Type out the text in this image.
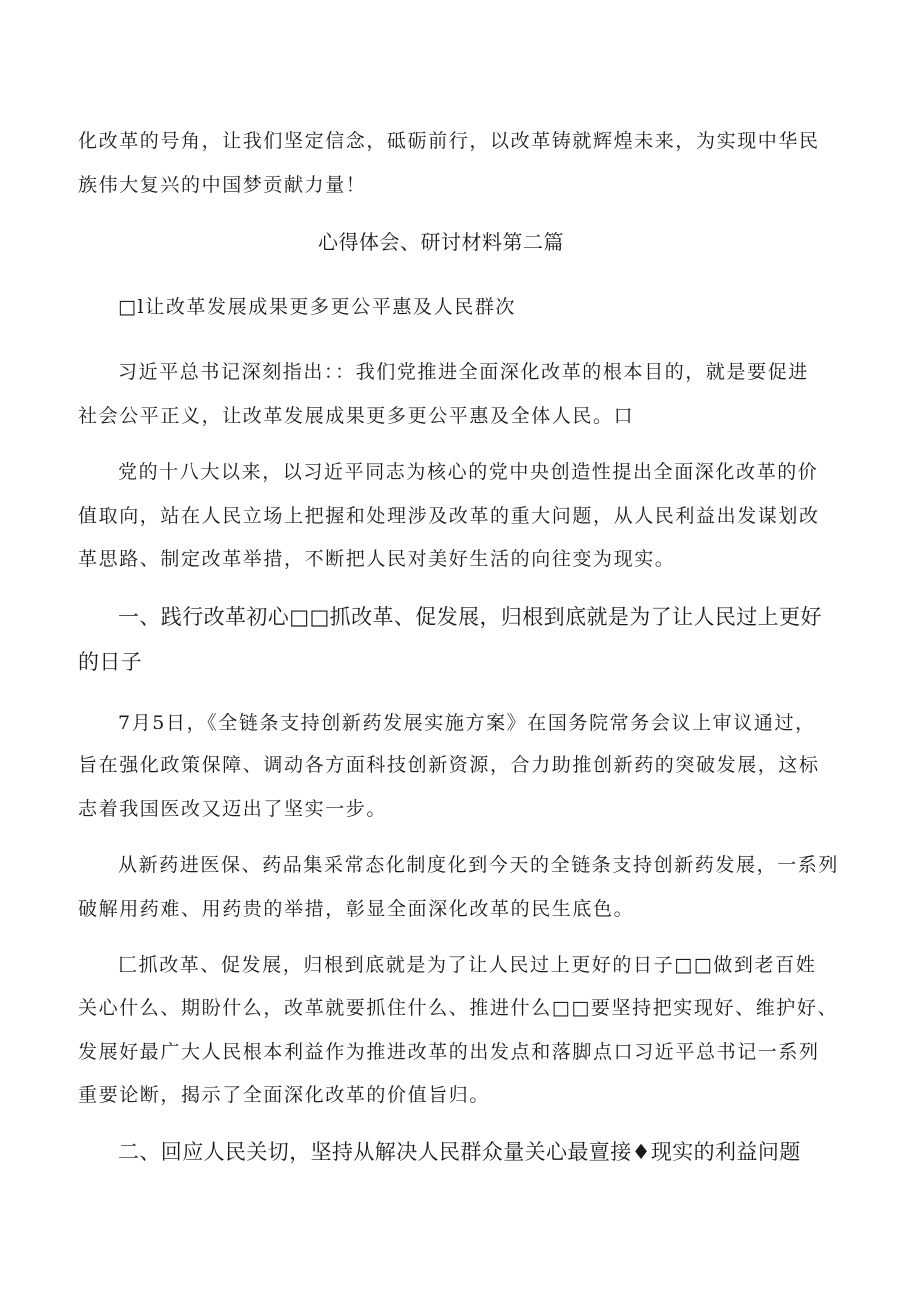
化改革的号角，让我们坚定信念，砥砺前行，以改革铸就辉煌未来，为实现中华民
族伟大复兴的中国梦贡献力量！
心得体会、研讨材料第二篇
□l让改革发展成果更多更公平惠及人民群次
习近平总书记深刻指出：：我们党推进全面深化改革的根本目的，就是要促进
社会公平正义，让改革发展成果更多更公平惠及全体人民。口
党的十八大以来，以习近平同志为核心的党中央创造性提出全面深化改革的价
值取向，站在人民立场上把握和处理涉及改革的重大问题，从人民利益出发谋划改
革思路、制定改革举措，不断把人民对美好生活的向往变为现实。
一、践行改革初心□□抓改革、促发展，归根到底就是为了让人民过上更好
的日子
7月5日，《全链条支持创新药发展实施方案》在国务院常务会议上审议通过，
旨在强化政策保障、调动各方面科技创新资源，合力助推创新药的突破发展，这标
志着我国医改又迈出了坚实一步。
从新药进医保、药品集采常态化制度化到今天的全链条支持创新药发展，一系列
破解用药难、用药贵的举措，彰显全面深化改革的民生底色。
匚抓改革、促发展，归根到底就是为了让人民过上更好的日子□□做到老百姓
关心什么、期盼什么，改革就要抓住什么、推进什么□□要坚持把实现好、维护好、
发展好最广大人民根本利益作为推进改革的出发点和落脚点口习近平总书记一系列
重要论断，揭示了全面深化改革的价值旨归。
二、回应人民关切，坚持从解决人民群众量关心最亶接♦现实的利益问题
